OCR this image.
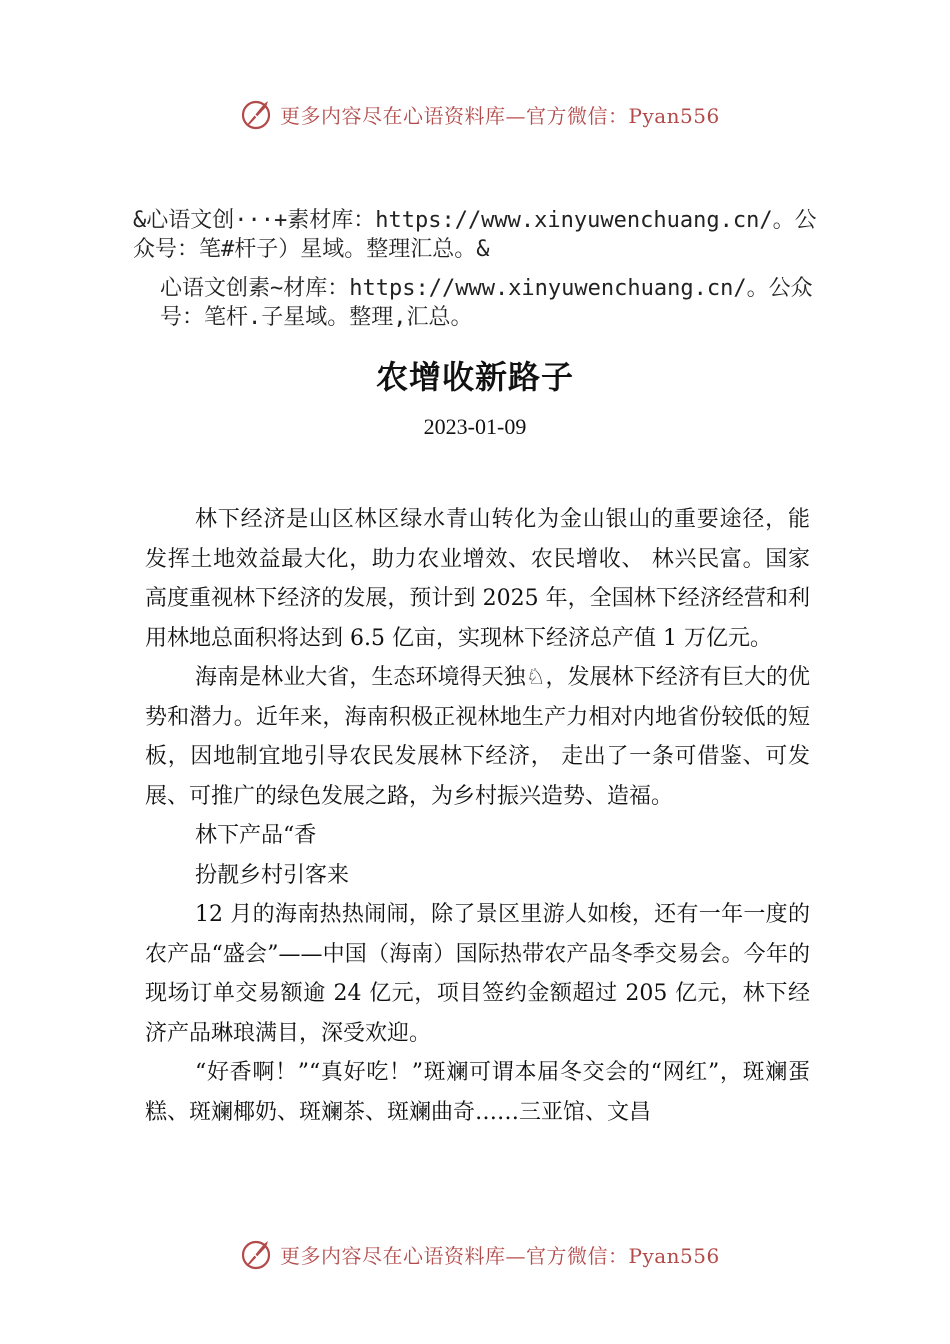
更多内容尽在心语资料库—官方微信：Pyan556
&心语文创···+素材库：https://www.xinyuwenchuang.cn/。公众号：笔#杆子）星域。整理汇总。&
心语文创素~材库：https://www.xinyuwenchuang.cn/。公众号：笔杆.子星域。整理,汇总。
农增收新路子
2023-01-09

林下经济是山区林区绿水青山转化为金山银山的重要途径，能发挥土地效益最大化，助力农业增效、农民增收、 林兴民富。国家高度重视林下经济的发展，预计到 2025 年，全国林下经济经营和利用林地总面积将达到 6.5 亿亩，实现林下经济总产值 1 万亿元。

海南是林业大省，生态环境得天独♘，发展林下经济有巨大的优势和潜力。近年来，海南积极正视林地生产力相对内地省份较低的短板，因地制宜地引导农民发展林下经济， 走出了一条可借鉴、可发展、可推广的绿色发展之路，为乡村振兴造势、造福。

林下产品“香

扮靓乡村引客来

12 月的海南热热闹闹，除了景区里游人如梭，还有一年一度的农产品“盛会”——中国（海南）国际热带农产品冬季交易会。今年的现场订单交易额逾 24 亿元，项目签约金额超过 205 亿元，林下经济产品琳琅满目，深受欢迎。

“好香啊！”“真好吃！”斑斓可谓本届冬交会的“网红”，斑斓蛋糕、斑斓椰奶、斑斓茶、斑斓曲奇……三亚馆、文昌

更多内容尽在心语资料库—官方微信：Pyan556
